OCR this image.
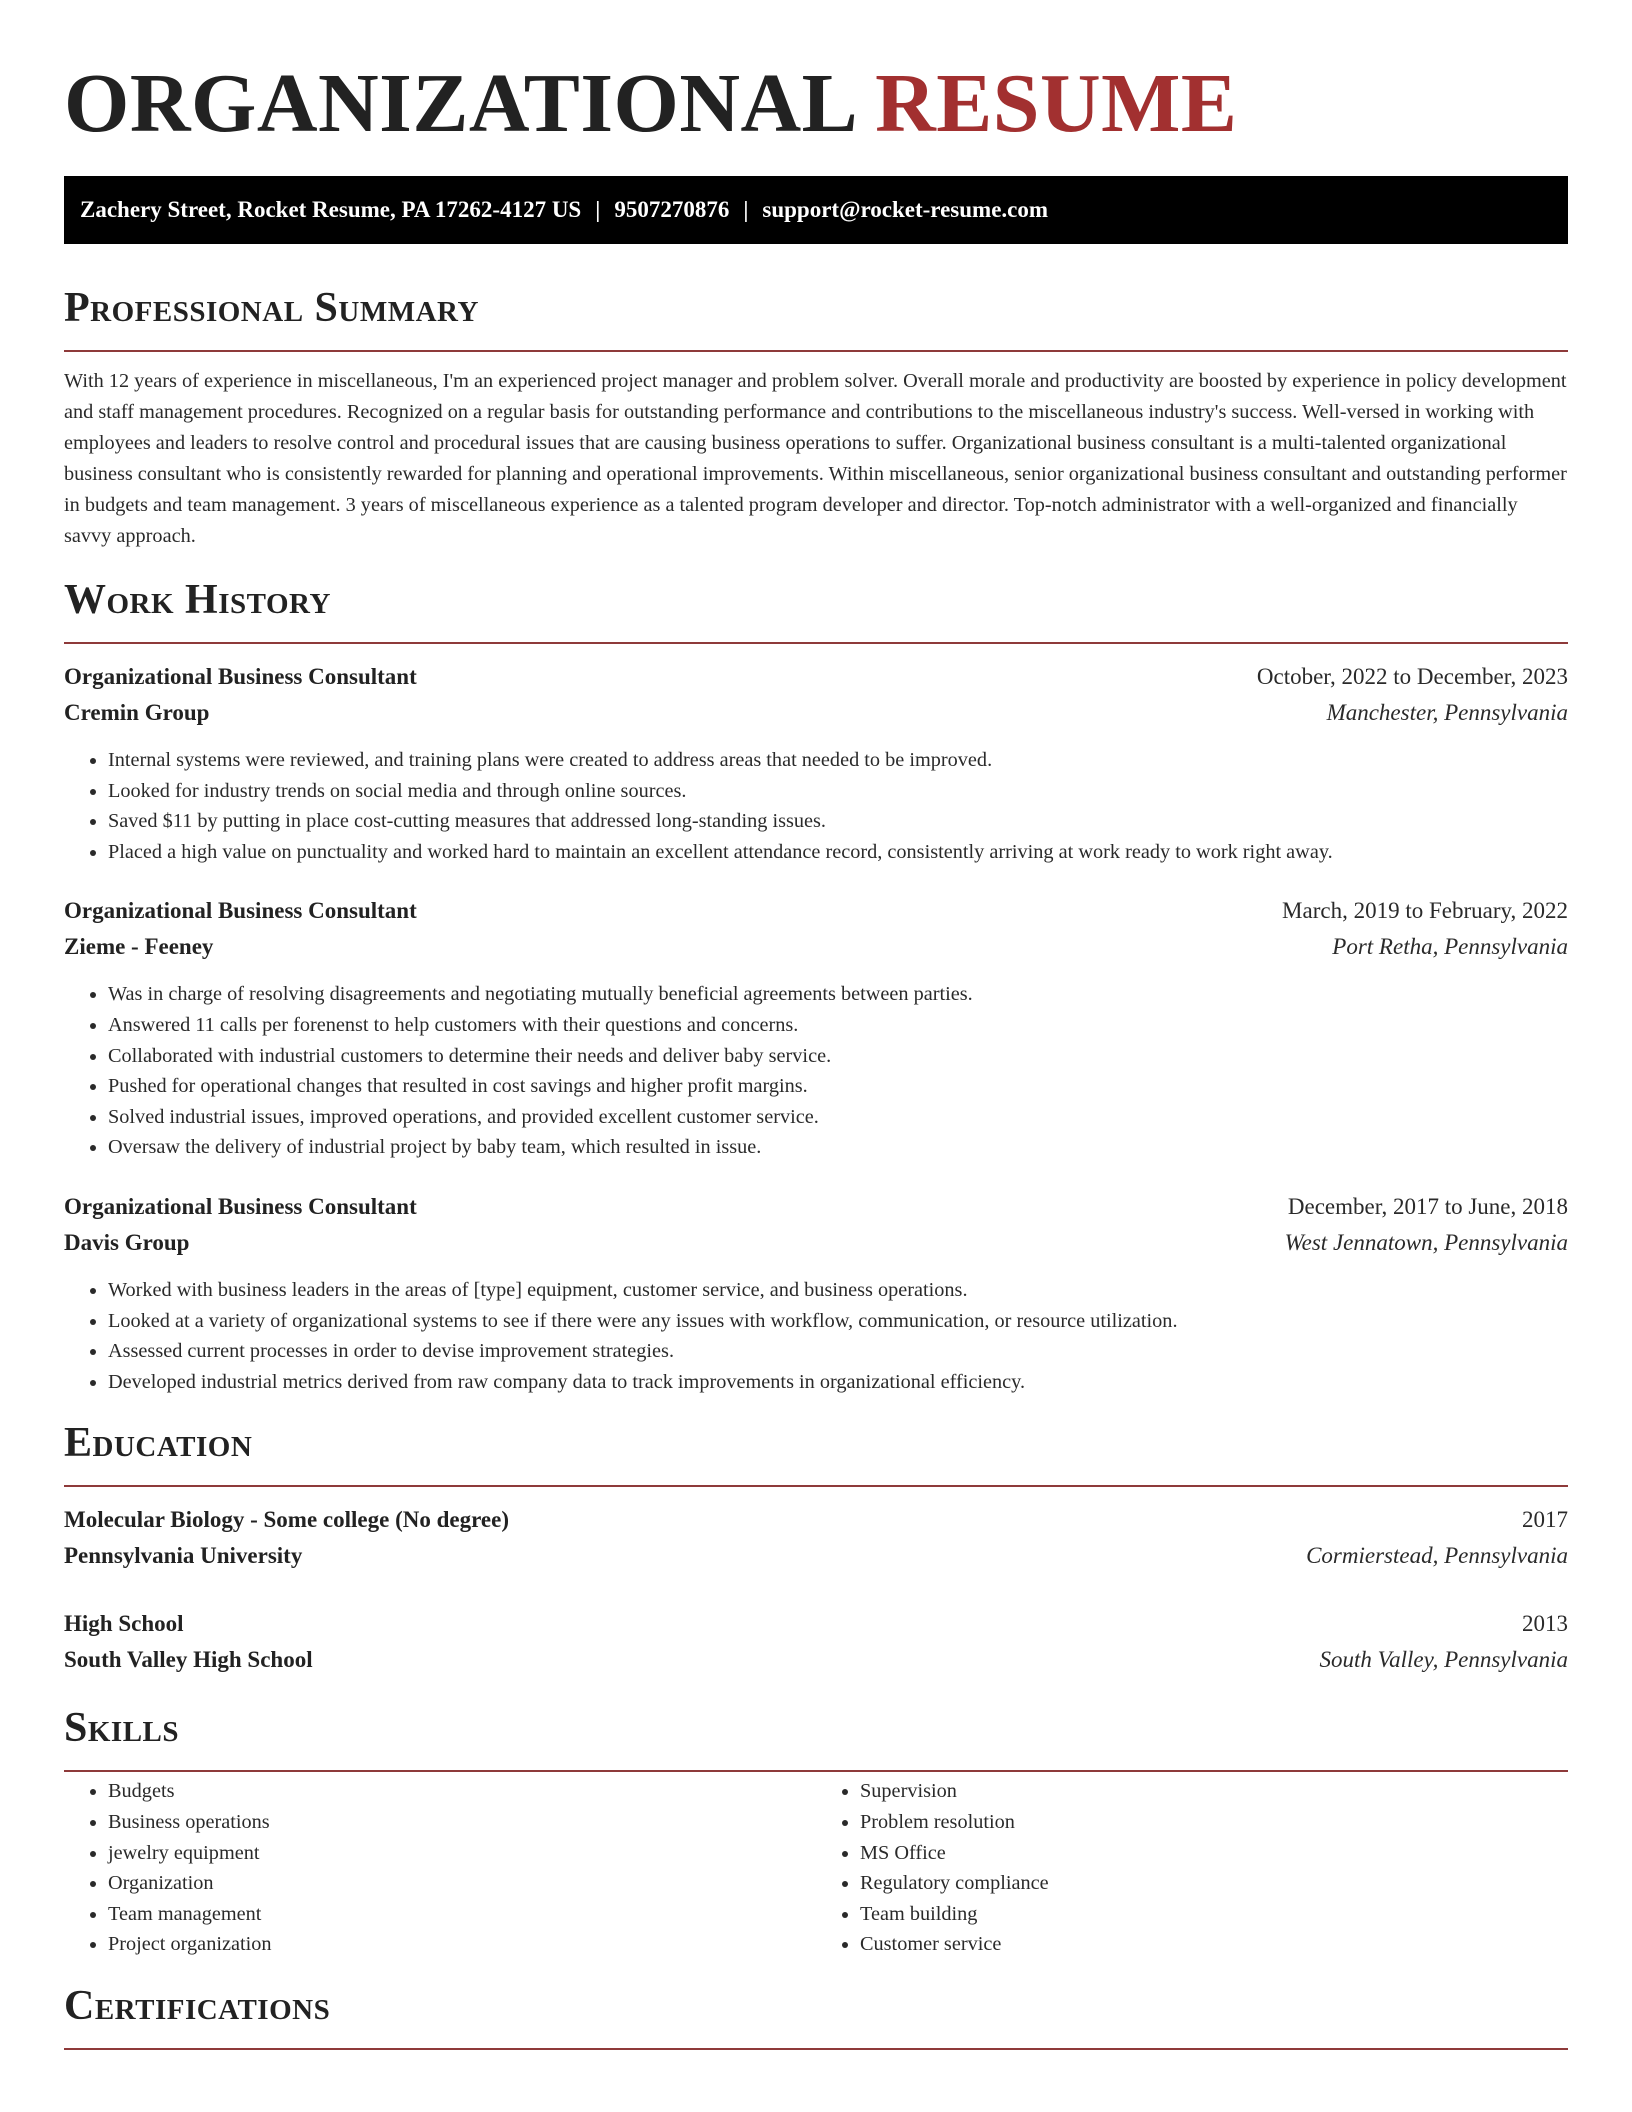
ORGANIZATIONAL RESUME
Zachery Street, Rocket Resume, PA 17262-4127 US | 9507270876 | support@rocket-resume.com
Professional Summary

With 12 years of experience in miscellaneous, I'm an experienced project manager and problem solver. Overall morale and productivity are boosted by experience in policy development and staff management procedures. Recognized on a regular basis for outstanding performance and contributions to the miscellaneous industry's success. Well-versed in working with employees and leaders to resolve control and procedural issues that are causing business operations to suffer. Organizational business consultant is a multi-talented organizational business consultant who is consistently rewarded for planning and operational improvements. Within miscellaneous, senior organizational business consultant and outstanding performer in budgets and team management. 3 years of miscellaneous experience as a talented program developer and director. Top-notch administrator with a well-organized and financially savvy approach.

Work History
Organizational Business Consultant	October, 2022 to December, 2023
Cremin Group	Manchester, Pennsylvania
• Internal systems were reviewed, and training plans were created to address areas that needed to be improved.
• Looked for industry trends on social media and through online sources.
• Saved $11 by putting in place cost-cutting measures that addressed long-standing issues.
• Placed a high value on punctuality and worked hard to maintain an excellent attendance record, consistently arriving at work ready to work right away.
Organizational Business Consultant	March, 2019 to February, 2022
Zieme - Feeney	Port Retha, Pennsylvania
• Was in charge of resolving disagreements and negotiating mutually beneficial agreements between parties.
• Answered 11 calls per forenenst to help customers with their questions and concerns.
• Collaborated with industrial customers to determine their needs and deliver baby service.
• Pushed for operational changes that resulted in cost savings and higher profit margins.
• Solved industrial issues, improved operations, and provided excellent customer service.
• Oversaw the delivery of industrial project by baby team, which resulted in issue.
Organizational Business Consultant	December, 2017 to June, 2018
Davis Group	West Jennatown, Pennsylvania
• Worked with business leaders in the areas of [type] equipment, customer service, and business operations.
• Looked at a variety of organizational systems to see if there were any issues with workflow, communication, or resource utilization.
• Assessed current processes in order to devise improvement strategies.
• Developed industrial metrics derived from raw company data to track improvements in organizational efficiency.
Education
Molecular Biology - Some college (No degree)	2017
Pennsylvania University	Cormierstead, Pennsylvania
High School	2013
South Valley High School	South Valley, Pennsylvania
Skills
• Budgets
• Business operations
• jewelry equipment
• Organization
• Team management
• Project organization
• Supervision
• Problem resolution
• MS Office
• Regulatory compliance
• Team building
• Customer service
Certifications
